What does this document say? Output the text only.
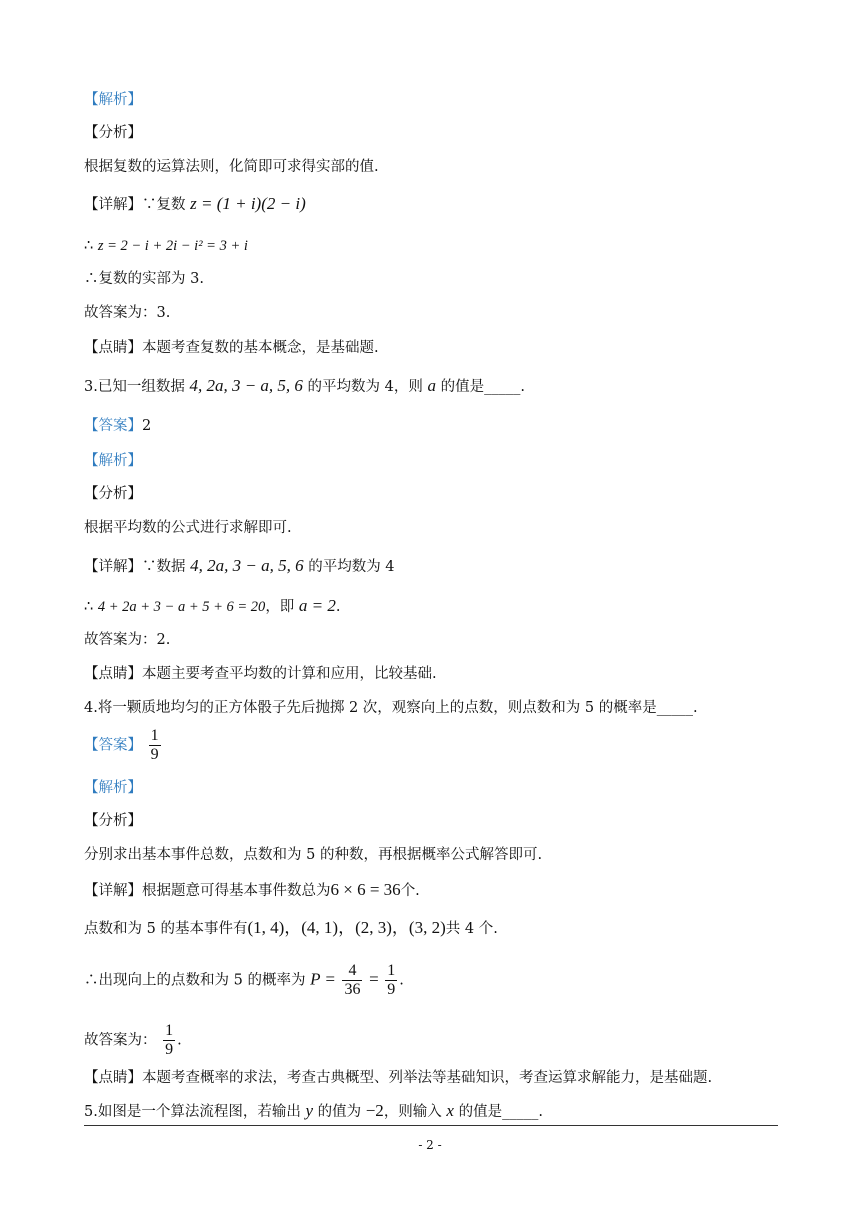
【解析】
【分析】
根据复数的运算法则，化简即可求得实部的值.
【详解】∵复数 z = (1 + i)(2 − i)
∴ z = 2 − i + 2i − i² = 3 + i
∴复数的实部为 3.
故答案为：3.
【点睛】本题考查复数的基本概念，是基础题.
3.已知一组数据 4, 2a, 3 − a, 5, 6 的平均数为 4，则 a 的值是_____.
【答案】2
【解析】
【分析】
根据平均数的公式进行求解即可.
【详解】∵数据 4, 2a, 3 − a, 5, 6 的平均数为 4
∴ 4 + 2a + 3 − a + 5 + 6 = 20，即 a = 2.
故答案为：2.
【点睛】本题主要考查平均数的计算和应用，比较基础.
4.将一颗质地均匀的正方体骰子先后抛掷 2 次，观察向上的点数，则点数和为 5 的概率是_____.
【答案】 $\frac{1}{9}$
【解析】
【分析】
分别求出基本事件总数，点数和为 5 的种数，再根据概率公式解答即可.
【详解】根据题意可得基本事件数总为6 × 6 = 36个.
点数和为 5 的基本事件有(1, 4)，(4, 1)，(2, 3)，(3, 2)共 4 个.
∴出现向上的点数和为 5 的概率为 $P = \frac{4}{36} = \frac{1}{9}$ .
故答案为： $\frac{1}{9}$ .
【点睛】本题考查概率的求法，考查古典概型、列举法等基础知识，考查运算求解能力，是基础题.
5.如图是一个算法流程图，若输出 y 的值为 −2，则输入 x 的值是_____.
- 2 -
